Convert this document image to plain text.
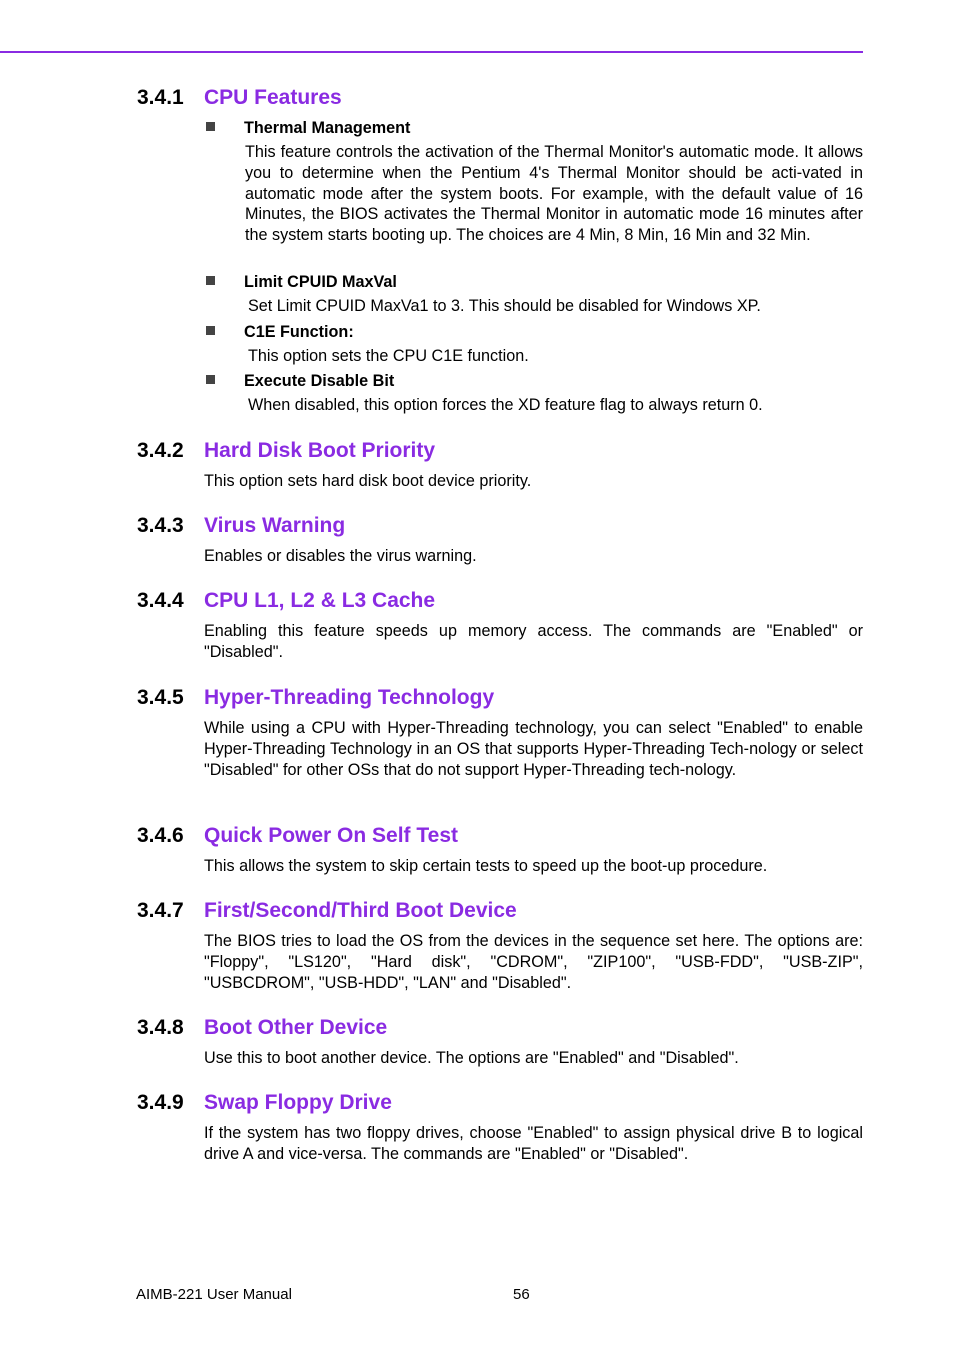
3.4.1 CPU Features
Thermal Management
This feature controls the activation of the Thermal Monitor's automatic mode. It allows you to determine when the Pentium 4's Thermal Monitor should be acti-vated in automatic mode after the system boots. For example, with the default value of 16 Minutes, the BIOS activates the Thermal Monitor in automatic mode 16 minutes after the system starts booting up. The choices are 4 Min, 8 Min, 16 Min and 32 Min.
Limit CPUID MaxVal
Set Limit CPUID MaxVa1 to 3. This should be disabled for Windows XP.
C1E Function:
This option sets the CPU C1E function.
Execute Disable Bit
When disabled, this option forces the XD feature flag to always return 0.
3.4.2 Hard Disk Boot Priority
This option sets hard disk boot device priority.
3.4.3 Virus Warning
Enables or disables the virus warning.
3.4.4 CPU L1, L2 & L3 Cache
Enabling this feature speeds up memory access. The commands are "Enabled" or "Disabled".
3.4.5 Hyper-Threading Technology
While using a CPU with Hyper-Threading technology, you can select "Enabled" to enable Hyper-Threading Technology in an OS that supports Hyper-Threading Tech-nology or select "Disabled" for other OSs that do not support Hyper-Threading tech-nology.
3.4.6 Quick Power On Self Test
This allows the system to skip certain tests to speed up the boot-up procedure.
3.4.7 First/Second/Third Boot Device
The BIOS tries to load the OS from the devices in the sequence set here. The options are: "Floppy", "LS120", "Hard disk", "CDROM", "ZIP100", "USB-FDD", "USB-ZIP", "USBCDROM", "USB-HDD", "LAN" and "Disabled".
3.4.8 Boot Other Device
Use this to boot another device. The options are "Enabled" and "Disabled".
3.4.9 Swap Floppy Drive
If the system has two floppy drives, choose "Enabled" to assign physical drive B to logical drive A and vice-versa. The commands are "Enabled" or "Disabled".
AIMB-221 User Manual	56
